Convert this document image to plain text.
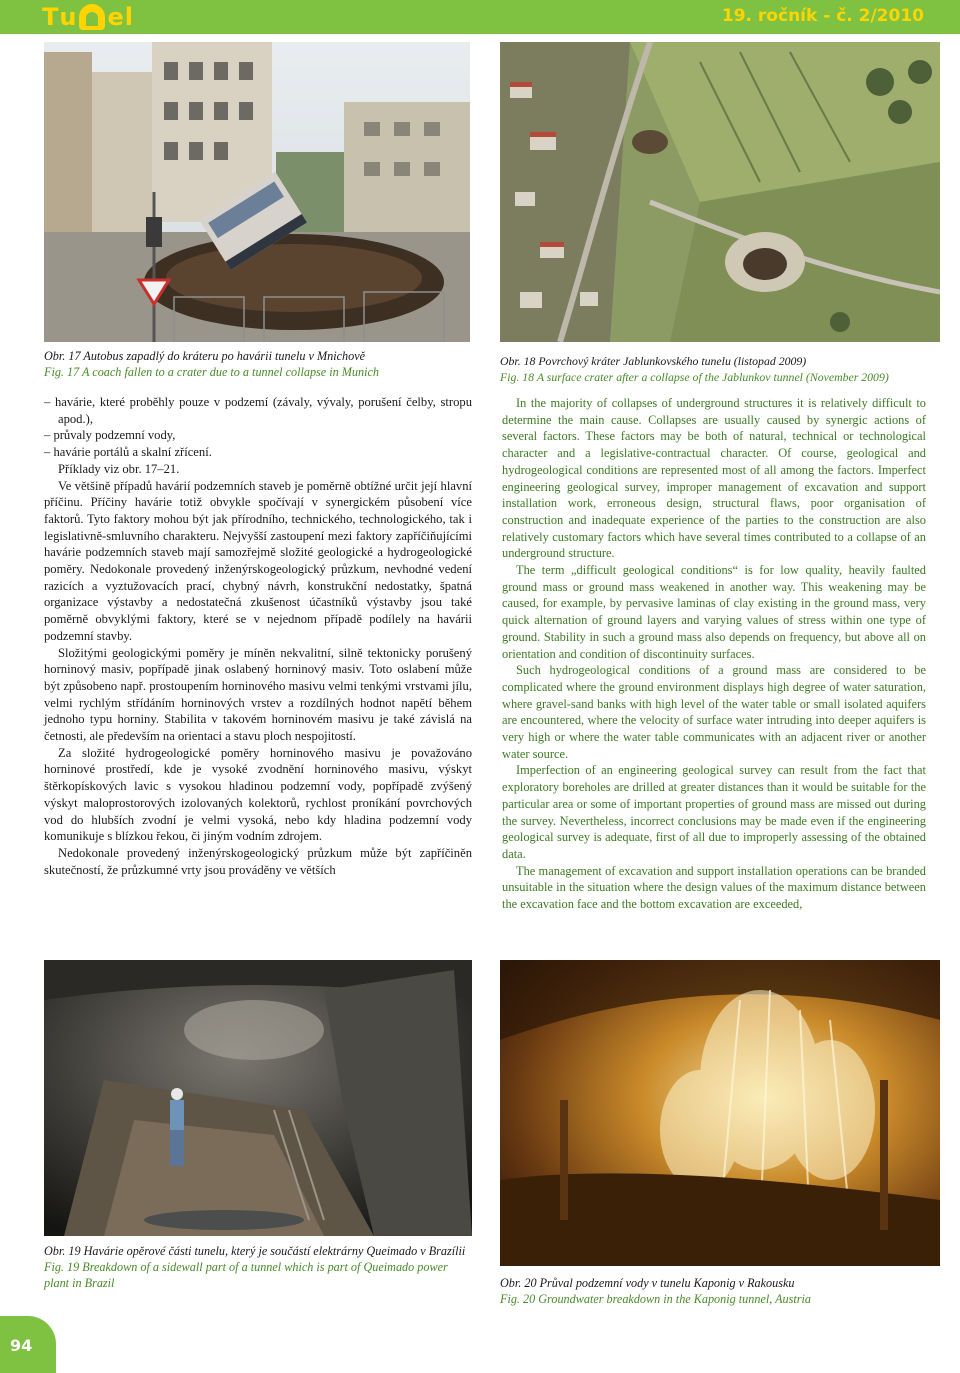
T u e l	19. ročník - č. 2/2010
Obr. 17 Autobus zapadlý do kráteru po havárii tunelu v Mnichově
Fig. 17 A coach fallen to a crater due to a tunnel collapse in Munich
Obr. 18 Povrchový kráter Jablunkovského tunelu (listopad 2009)
Fig. 18 A surface crater after a collapse of the Jablunkov tunnel (November 2009)
– havárie, které proběhly pouze v podzemí (závaly, vývaly, porušení čelby, stropu apod.),
– průvaly podzemní vody,
– havárie portálů a skalní zřícení.

Příklady viz obr. 17–21.

Ve většině případů havárií podzemních staveb je poměrně obtížné určit její hlavní příčinu. Příčiny havárie totiž obvykle spočívají v synergickém působení více faktorů. Tyto faktory mohou být jak přírodního, technického, technologického, tak i legislativně-smluvního charakteru. Nejvyšší zastoupení mezi faktory zapříčiňujícími havárie podzemních staveb mají samozřejmě složité geologické a hydrogeologické poměry. Nedokonale provedený inženýrskogeologický průzkum, nevhodné vedení razicích a vyztužovacích prací, chybný návrh, konstrukční nedostatky, špatná organizace výstavby a nedostatečná zkušenost účastníků výstavby jsou také poměrně obvyklými faktory, které se v nejednom případě podílely na havárii podzemní stavby.

Složitými geologickými poměry je míněn nekvalitní, silně tektonicky porušený horninový masiv, popřípadě jinak oslabený horninový masiv. Toto oslabení může být způsobeno např. prostoupením horninového masivu velmi tenkými vrstvami jílu, velmi rychlým střídáním horninových vrstev a rozdílných hodnot napětí během jednoho typu horniny. Stabilita v takovém horninovém masivu je také závislá na četnosti, ale především na orientaci a stavu ploch nespojitostí.

Za složité hydrogeologické poměry horninového masivu je považováno horninové prostředí, kde je vysoké zvodnění horninového masivu, výskyt štěrkopískových lavic s vysokou hladinou podzemní vody, popřípadě zvýšený výskyt maloprostorových izolovaných kolektorů, rychlost proníkání povrchových vod do hlubších zvodní je velmi vysoká, nebo kdy hladina podzemní vody komunikuje s blízkou řekou, či jiným vodním zdrojem.

Nedokonale provedený inženýrskogeologický průzkum může být zapříčiněn skutečností, že průzkumné vrty jsou prováděny ve větších

In the majority of collapses of underground structures it is relatively difficult to determine the main cause. Collapses are usually caused by synergic actions of several factors. These factors may be both of natural, technical or technological character and a legislative-contractual character. Of course, geological and hydrogeological conditions are represented most of all among the factors. Imperfect engineering geological survey, improper management of excavation and support installation work, erroneous design, structural flaws, poor organisation of construction and inadequate experience of the parties to the construction are also relatively customary factors which have several times contributed to a collapse of an underground structure.

The term „difficult geological conditions“ is for low quality, heavily faulted ground mass or ground mass weakened in another way. This weakening may be caused, for example, by pervasive laminas of clay existing in the ground mass, very quick alternation of ground layers and varying values of stress within one type of ground. Stability in such a ground mass also depends on frequency, but above all on orientation and condition of discontinuity surfaces.

Such hydrogeological conditions of a ground mass are considered to be complicated where the ground environment displays high degree of water saturation, where gravel-sand banks with high level of the water table or small isolated aquifers are encountered, where the velocity of surface water intruding into deeper aquifers is very high or where the water table communicates with an adjacent river or another water source.

Imperfection of an engineering geological survey can result from the fact that exploratory boreholes are drilled at greater distances than it would be suitable for the particular area or some of important properties of ground mass are missed out during the survey. Nevertheless, incorrect conclusions may be made even if the engineering geological survey is adequate, first of all due to improperly assessing of the obtained data.

The management of excavation and support installation operations can be branded unsuitable in the situation where the design values of the maximum distance between the excavation face and the bottom excavation are exceeded,

Obr. 19 Havárie opěrové části tunelu, který je součástí elektrárny Queimado v Brazílii
Fig. 19 Breakdown of a sidewall part of a tunnel which is part of Queimado power plant in Brazil	Obr. 20 Průval podzemní vody v tunelu Kaponig v Rakousku
Fig. 20 Groundwater breakdown in the Kaponig tunnel, Austria
94
